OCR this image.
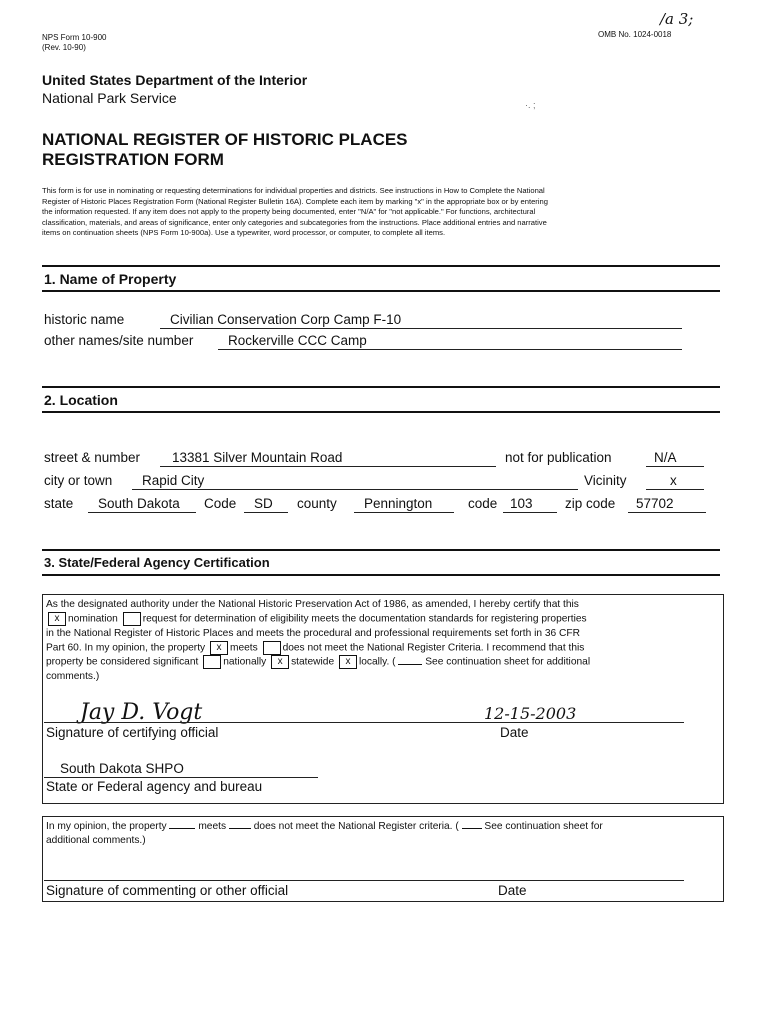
NPS Form 10-900
(Rev. 10-90)
OMB No. 1024-0018
/a 3;
United States Department of the Interior
National Park Service	·. ;
NATIONAL REGISTER OF HISTORIC PLACES
REGISTRATION FORM
This form is for use in nominating or requesting determinations for individual properties and districts. See instructions in How to Complete the National
Register of Historic Places Registration Form (National Register Bulletin 16A). Complete each item by marking "x" in the appropriate box or by entering
the information requested. If any item does not apply to the property being documented, enter "N/A" for "not applicable." For functions, architectural
classification, materials, and areas of significance, enter only categories and subcategories from the instructions. Place additional entries and narrative
items on continuation sheets (NPS Form 10-900a). Use a typewriter, word processor, or computer, to complete all items.
1. Name of Property
historic name	Civilian Conservation Corp Camp F-10
other names/site number	Rockerville CCC Camp
2. Location
street & number 13381 Silver Mountain Road	not for publication	N/A
city or town Rapid City	Vicinity	x
state South Dakota Code SD county Pennington	code 103 zip code 57702
3. State/Federal Agency Certification
As the designated authority under the National Historic Preservation Act of 1986, as amended, I hereby certify that this
x nomination request for determination of eligibility meets the documentation standards for registering properties
in the National Register of Historic Places and meets the procedural and professional requirements set forth in 36 CFR
Part 60. In my opinion, the property x meets does not meet the National Register Criteria. I recommend that this
property be considered significant nationally x statewide x locally. (	See continuation sheet for additional
comments.)
Jay D. Vogt	12-15-2003
Signature of certifying official	Date
South Dakota SHPO
State or Federal agency and bureau
In my opinion, the property	meets	does not meet the National Register criteria. (	See continuation sheet for
additional comments.)
Signature of commenting or other official	Date
